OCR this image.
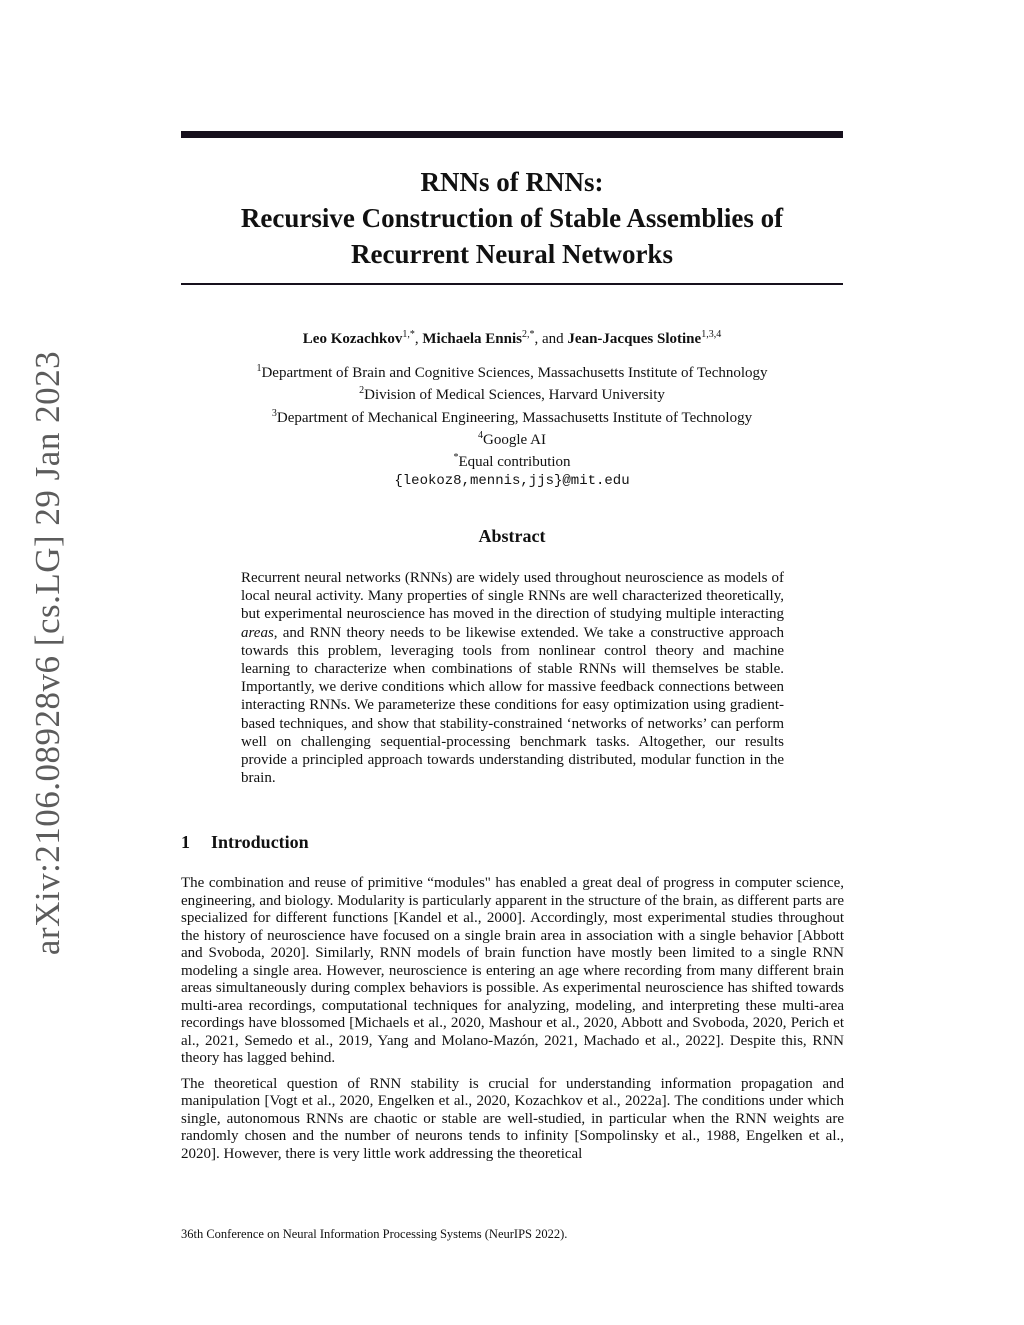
arXiv:2106.08928v6 [cs.LG] 29 Jan 2023
RNNs of RNNs:
Recursive Construction of Stable Assemblies of
Recurrent Neural Networks
Leo Kozachkov$^{1,*}$, Michaela Ennis$^{2,*}$, and Jean-Jacques Slotine$^{1,3,4}$
$^1$Department of Brain and Cognitive Sciences, Massachusetts Institute of Technology
$^2$Division of Medical Sciences, Harvard University
$^3$Department of Mechanical Engineering, Massachusetts Institute of Technology
$^4$Google AI
*Equal contribution
{leokoz8,mennis,jjs}@mit.edu
Abstract

Recurrent neural networks (RNNs) are widely used throughout neuroscience as models of local neural activity. Many properties of single RNNs are well characterized theoretically, but experimental neuroscience has moved in the direction of studying multiple interacting areas, and RNN theory needs to be likewise extended. We take a constructive approach towards this problem, leveraging tools from nonlinear control theory and machine learning to characterize when combinations of stable RNNs will themselves be stable. Importantly, we derive conditions which allow for massive feedback connections between interacting RNNs. We parameterize these conditions for easy optimization using gradient-based techniques, and show that stability-constrained ‘networks of networks’ can perform well on challenging sequential-processing benchmark tasks. Altogether, our results provide a principled approach towards understanding distributed, modular function in the brain.

1 Introduction

The combination and reuse of primitive “modules" has enabled a great deal of progress in computer science, engineering, and biology. Modularity is particularly apparent in the structure of the brain, as different parts are specialized for different functions [Kandel et al., 2000]. Accordingly, most experimental studies throughout the history of neuroscience have focused on a single brain area in association with a single behavior [Abbott and Svoboda, 2020]. Similarly, RNN models of brain function have mostly been limited to a single RNN modeling a single area. However, neuroscience is entering an age where recording from many different brain areas simultaneously during complex behaviors is possible. As experimental neuroscience has shifted towards multi-area recordings, computational techniques for analyzing, modeling, and interpreting these multi-area recordings have blossomed [Michaels et al., 2020, Mashour et al., 2020, Abbott and Svoboda, 2020, Perich et al., 2021, Semedo et al., 2019, Yang and Molano-Mazón, 2021, Machado et al., 2022]. Despite this, RNN theory has lagged behind.

The theoretical question of RNN stability is crucial for understanding information propagation and manipulation [Vogt et al., 2020, Engelken et al., 2020, Kozachkov et al., 2022a]. The conditions under which single, autonomous RNNs are chaotic or stable are well-studied, in particular when the RNN weights are randomly chosen and the number of neurons tends to infinity [Sompolinsky et al., 1988, Engelken et al., 2020]. However, there is very little work addressing the theoretical

36th Conference on Neural Information Processing Systems (NeurIPS 2022).
